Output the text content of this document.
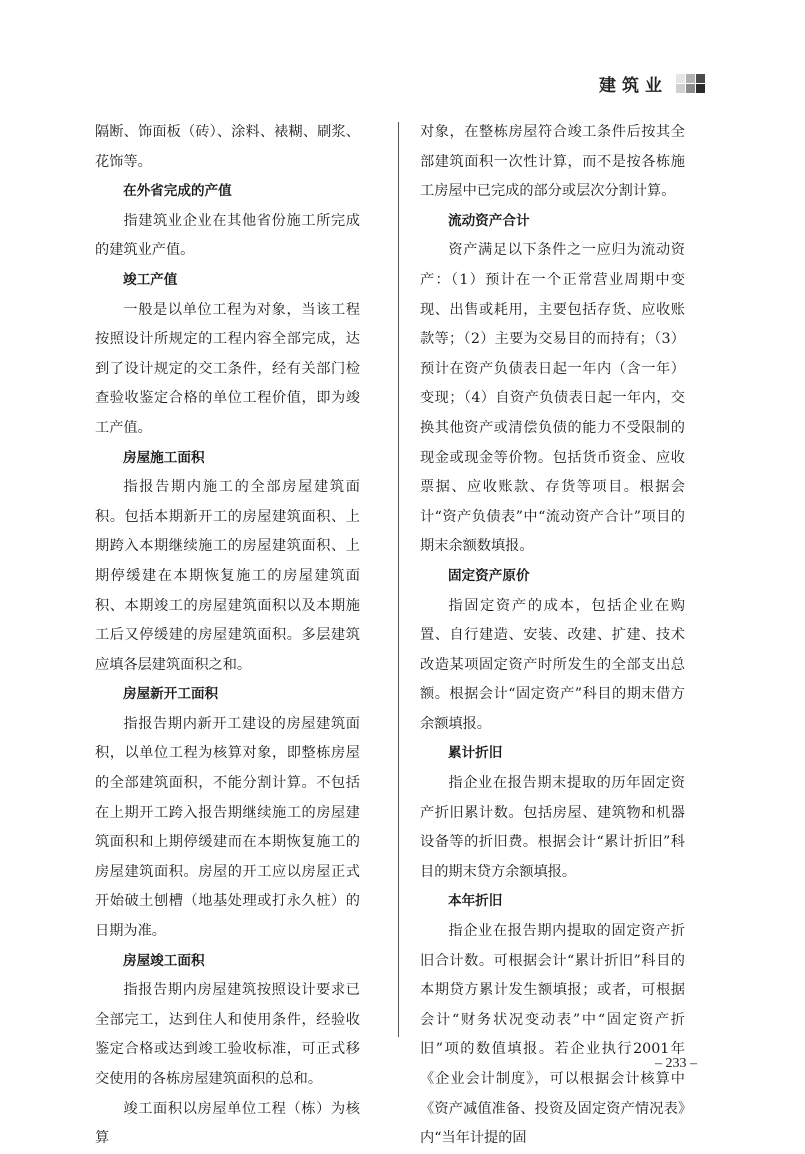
建筑业

隔断、饰面板（砖）、涂料、裱糊、刷浆、花饰等。

在外省完成的产值

指建筑业企业在其他省份施工所完成的建筑业产值。

竣工产值

一般是以单位工程为对象，当该工程按照设计所规定的工程内容全部完成，达到了设计规定的交工条件，经有关部门检查验收鉴定合格的单位工程价值，即为竣工产值。

房屋施工面积

指报告期内施工的全部房屋建筑面积。包括本期新开工的房屋建筑面积、上期跨入本期继续施工的房屋建筑面积、上期停缓建在本期恢复施工的房屋建筑面积、本期竣工的房屋建筑面积以及本期施工后又停缓建的房屋建筑面积。多层建筑应填各层建筑面积之和。

房屋新开工面积

指报告期内新开工建设的房屋建筑面积，以单位工程为核算对象，即整栋房屋的全部建筑面积，不能分割计算。不包括在上期开工跨入报告期继续施工的房屋建筑面积和上期停缓建而在本期恢复施工的房屋建筑面积。房屋的开工应以房屋正式开始破土刨槽（地基处理或打永久桩）的日期为准。

房屋竣工面积

指报告期内房屋建筑按照设计要求已全部完工，达到住人和使用条件，经验收鉴定合格或达到竣工验收标准，可正式移交使用的各栋房屋建筑面积的总和。

竣工面积以房屋单位工程（栋）为核算

对象，在整栋房屋符合竣工条件后按其全部建筑面积一次性计算，而不是按各栋施工房屋中已完成的部分或层次分割计算。

流动资产合计

资产满足以下条件之一应归为流动资产：（1）预计在一个正常营业周期中变现、出售或耗用，主要包括存货、应收账款等；（2）主要为交易目的而持有；（3）预计在资产负债表日起一年内（含一年）变现；（4）自资产负债表日起一年内，交换其他资产或清偿负债的能力不受限制的现金或现金等价物。包括货币资金、应收票据、应收账款、存货等项目。根据会计“资产负债表”中“流动资产合计”项目的期末余额数填报。

固定资产原价

指固定资产的成本，包括企业在购置、自行建造、安装、改建、扩建、技术改造某项固定资产时所发生的全部支出总额。根据会计“固定资产”科目的期末借方余额填报。

累计折旧

指企业在报告期末提取的历年固定资产折旧累计数。包括房屋、建筑物和机器设备等的折旧费。根据会计“累计折旧”科目的期末贷方余额填报。

本年折旧

指企业在报告期内提取的固定资产折旧合计数。可根据会计“累计折旧”科目的本期贷方累计发生额填报；或者，可根据会计“财务状况变动表”中“固定资产折旧”项的数值填报。若企业执行2001年《企业会计制度》，可以根据会计核算中《资产减值准备、投资及固定资产情况表》内“当年计提的固

– 233 –
